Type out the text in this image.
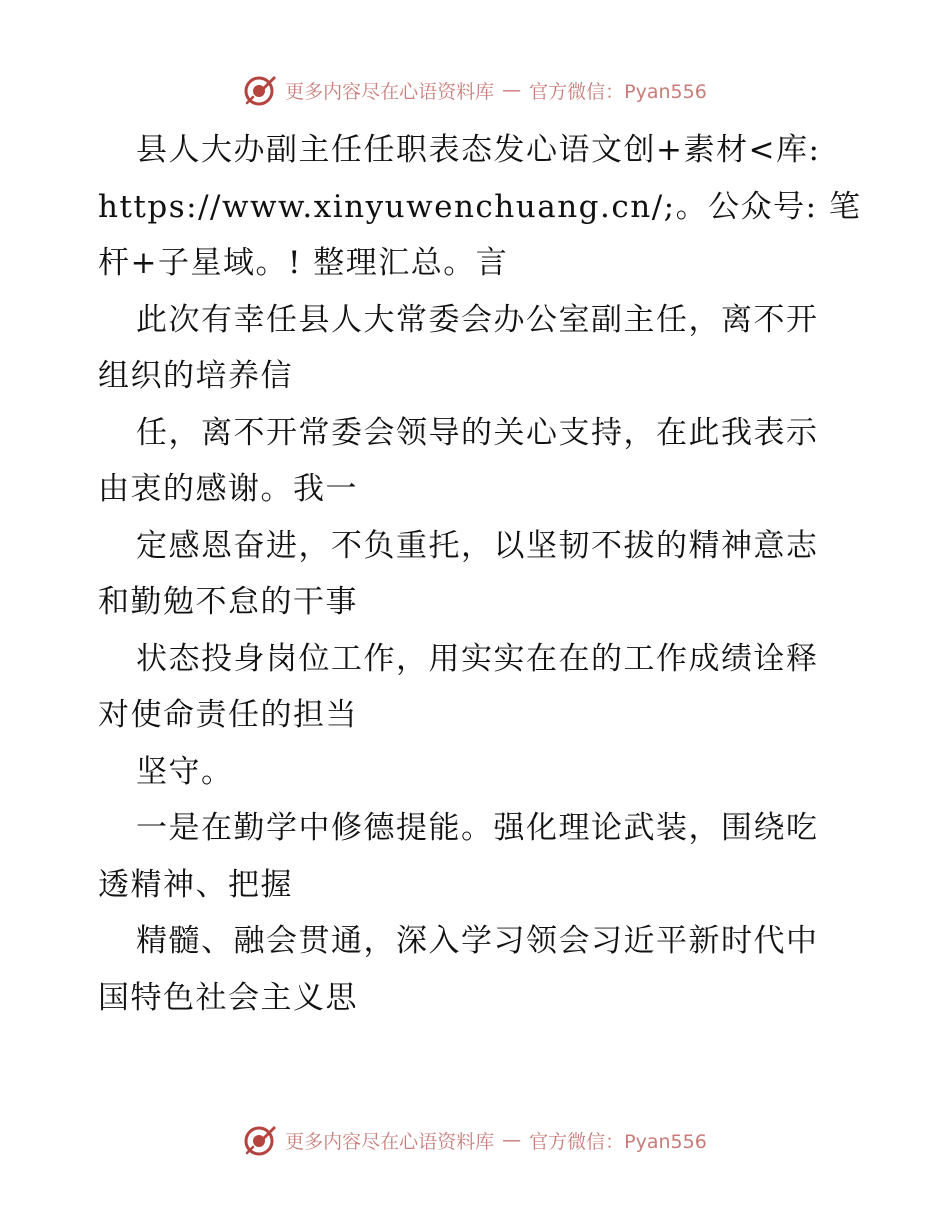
更多内容尽在心语资料库 — 官方微信：Pyan556
县人大办副主任任职表态发心语文创+素材<库:
https://www.xinyuwenchuang.cn/;。公众号: 笔
杆+子星域。! 整理汇总。言
此次有幸任县人大常委会办公室副主任，离不开
组织的培养信
任，离不开常委会领导的关心支持，在此我表示
由衷的感谢。我一
定感恩奋进，不负重托，以坚韧不拔的精神意志
和勤勉不怠的干事
状态投身岗位工作，用实实在在的工作成绩诠释
对使命责任的担当
坚守。
一是在勤学中修德提能。强化理论武装，围绕吃
透精神、把握
精髓、融会贯通，深入学习领会习近平新时代中
国特色社会主义思
更多内容尽在心语资料库 — 官方微信：Pyan556
